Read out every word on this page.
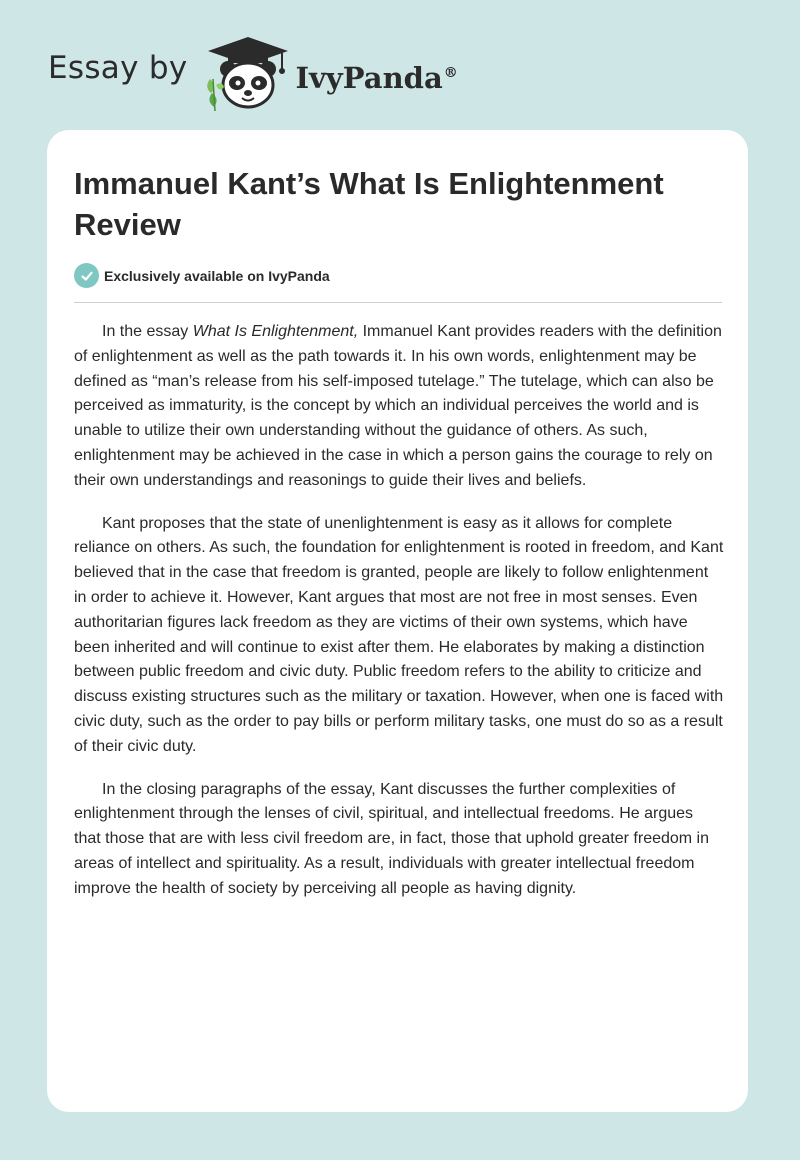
Essay by	IvyPanda®
Immanuel Kant’s What Is Enlightenment Review
Exclusively available on IvyPanda

In the essay What Is Enlightenment, Immanuel Kant provides readers with the definition of enlightenment as well as the path towards it. In his own words, enlightenment may be defined as “man’s release from his self-imposed tutelage.” The tutelage, which can also be perceived as immaturity, is the concept by which an individual perceives the world and is unable to utilize their own understanding without the guidance of others. As such, enlightenment may be achieved in the case in which a person gains the courage to rely on their own understandings and reasonings to guide their lives and beliefs.

Kant proposes that the state of unenlightenment is easy as it allows for complete reliance on others. As such, the foundation for enlightenment is rooted in freedom, and Kant believed that in the case that freedom is granted, people are likely to follow enlightenment in order to achieve it. However, Kant argues that most are not free in most senses. Even authoritarian figures lack freedom as they are victims of their own systems, which have been inherited and will continue to exist after them. He elaborates by making a distinction between public freedom and civic duty. Public freedom refers to the ability to criticize and discuss existing structures such as the military or taxation. However, when one is faced with civic duty, such as the order to pay bills or perform military tasks, one must do so as a result of their civic duty.

In the closing paragraphs of the essay, Kant discusses the further complexities of enlightenment through the lenses of civil, spiritual, and intellectual freedoms. He argues that those that are with less civil freedom are, in fact, those that uphold greater freedom in areas of intellect and spirituality. As a result, individuals with greater intellectual freedom improve the health of society by perceiving all people as having dignity.
